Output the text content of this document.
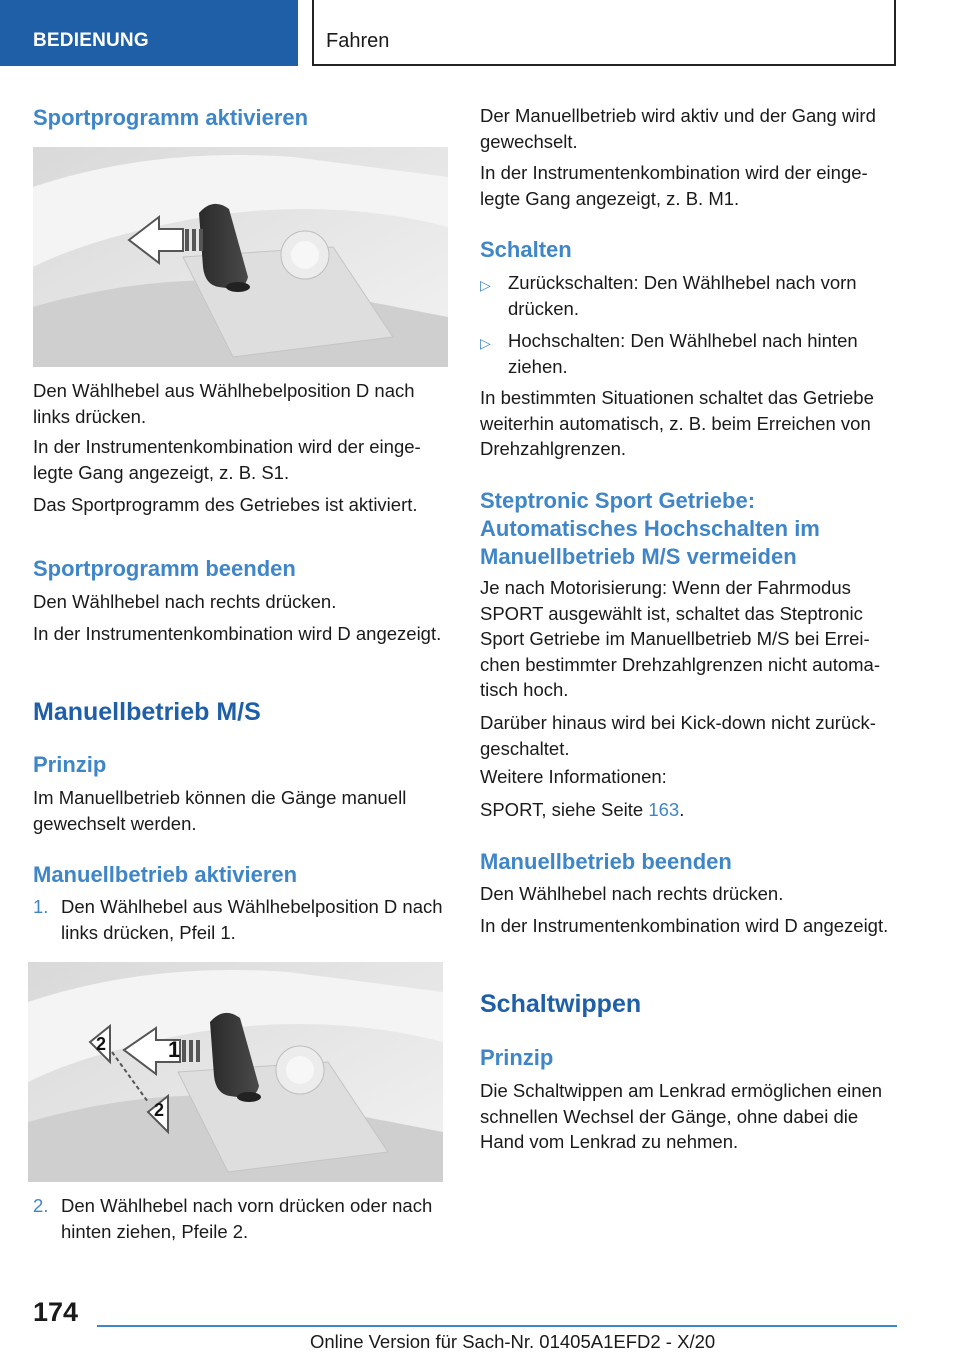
BEDIENUNG	Fahren
Sportprogramm aktivieren
Den Wählhebel aus Wählhebelposition D nach links drücken.
In der Instrumentenkombination wird der eingelegte Gang angezeigt, z. B. S1.
Das Sportprogramm des Getriebes ist aktiviert.
Sportprogramm beenden
Den Wählhebel nach rechts drücken.
In der Instrumentenkombination wird D angezeigt.
Manuellbetrieb M/S
Prinzip
Im Manuellbetrieb können die Gänge manuell gewechselt werden.
Manuellbetrieb aktivieren
1. Den Wählhebel aus Wählhebelposition D nach links drücken, Pfeil 1.
1
2
2
2. Den Wählhebel nach vorn drücken oder nach hinten ziehen, Pfeile 2.
Der Manuellbetrieb wird aktiv und der Gang wird gewechselt.
In der Instrumentenkombination wird der eingelegte Gang angezeigt, z. B. M1.
Schalten
▷ Zurückschalten: Den Wählhebel nach vorn drücken.
▷ Hochschalten: Den Wählhebel nach hinten ziehen.
In bestimmten Situationen schaltet das Getriebe weiterhin automatisch, z. B. beim Erreichen von Drehzahlgrenzen.
Steptronic Sport Getriebe: Automatisches Hochschalten im Manuellbetrieb M/S vermeiden
Je nach Motorisierung: Wenn der Fahrmodus SPORT ausgewählt ist, schaltet das Steptronic Sport Getriebe im Manuellbetrieb M/S bei Erreichen bestimmter Drehzahlgrenzen nicht automatisch hoch.
Darüber hinaus wird bei Kick-down nicht zurückgeschaltet.
Weitere Informationen:
SPORT, siehe Seite 163.
Manuellbetrieb beenden
Den Wählhebel nach rechts drücken.
In der Instrumentenkombination wird D angezeigt.
Schaltwippen
Prinzip
Die Schaltwippen am Lenkrad ermöglichen einen schnellen Wechsel der Gänge, ohne dabei die Hand vom Lenkrad zu nehmen.
174
Online Version für Sach-Nr. 01405A1EFD2 - X/20
